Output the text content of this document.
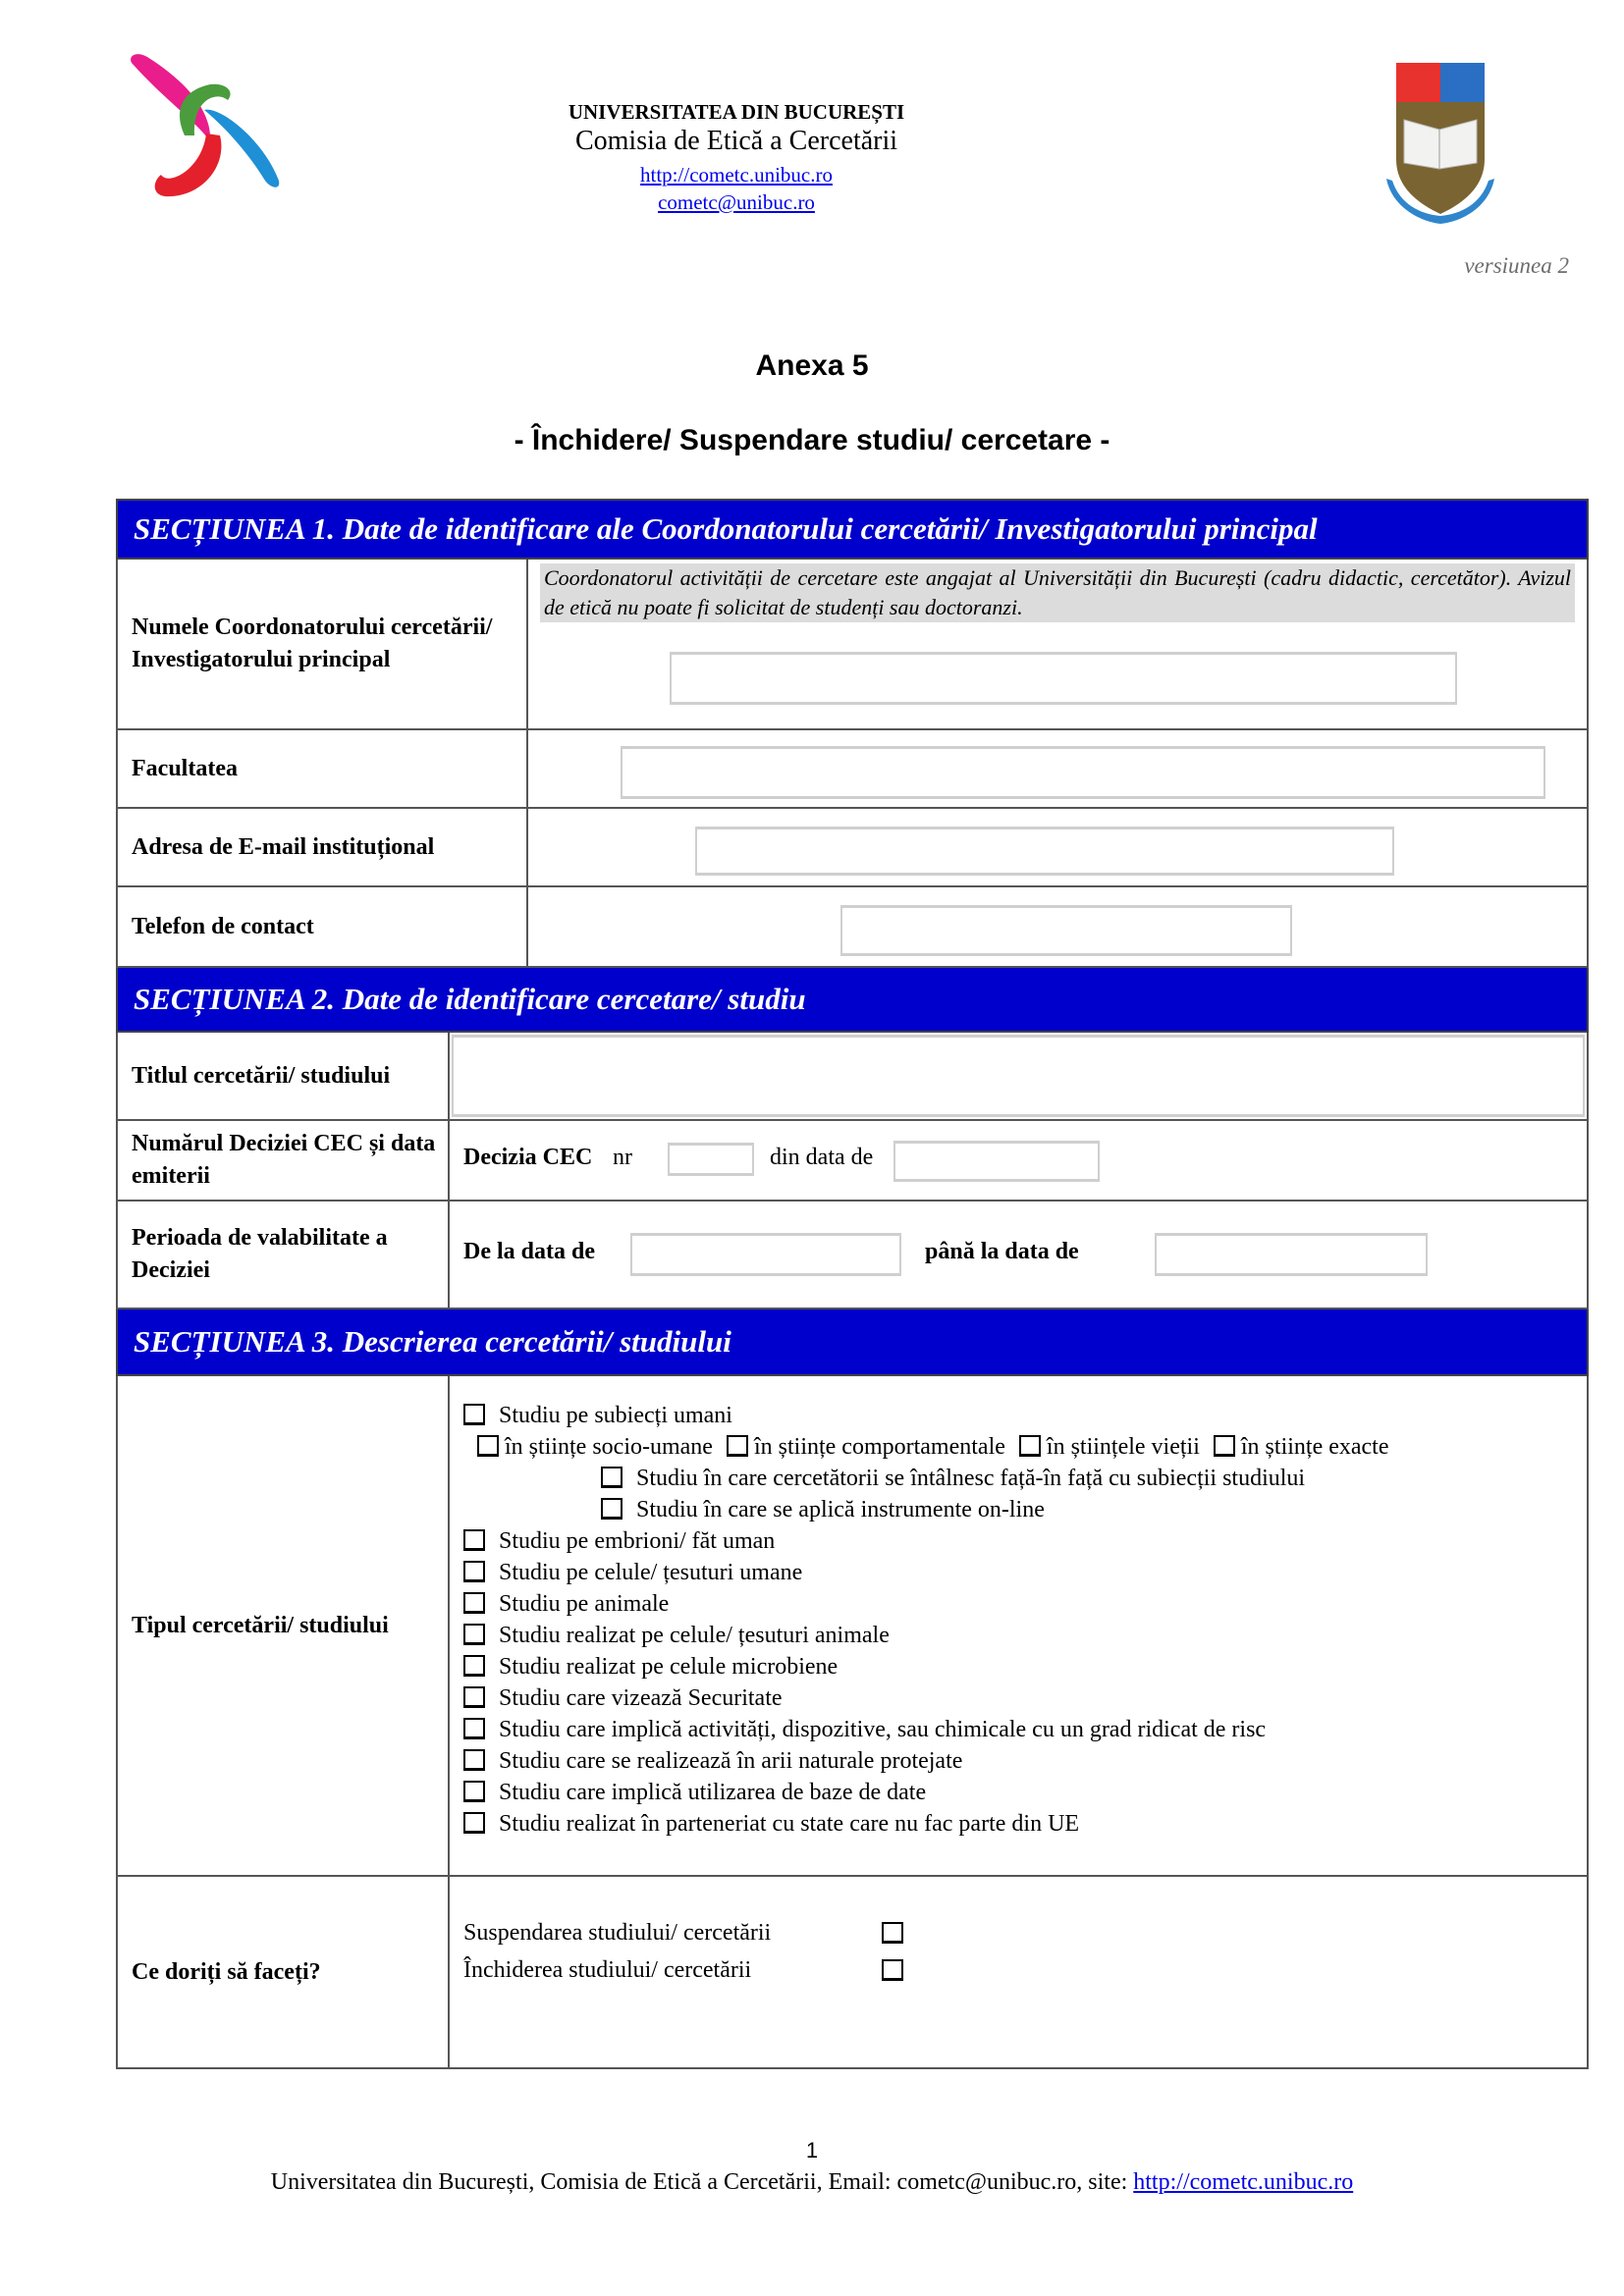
UNIVERSITATEA DIN BUCUREȘTI
Comisia de Etică a Cercetării
http://cometc.unibuc.ro
cometc@unibuc.ro
versiunea 2
Anexa 5
- Închidere/ Suspendare studiu/ cercetare -
SECȚIUNEA 1. Date de identificare ale Coordonatorului cercetării/ Investigatorului principal
Numele Coordonatorului cercetării/ Investigatorului principal
Coordonatorul activității de cercetare este angajat al Universității din București (cadru didactic, cercetător). Avizul de etică nu poate fi solicitat de studenți sau doctoranzi.
Facultatea
Adresa de E-mail instituțional
Telefon de contact
SECȚIUNEA 2. Date de identificare cercetare/ studiu
Titlul cercetării/ studiului
Numărul Deciziei CEC și data emiterii
Decizia CEC nr	din data de
Perioada de valabilitate a Deciziei
De la data de	până la data de
SECȚIUNEA 3. Descrierea cercetării/ studiului
Tipul cercetării/ studiului
Studiu pe subiecți umani
în științe socio-umane în științe comportamentale în științele vieții în științe exacte
Studiu în care cercetătorii se întâlnesc față-în față cu subiecții studiului
Studiu în care se aplică instrumente on-line
Studiu pe embrioni/ făt uman
Studiu pe celule/ țesuturi umane
Studiu pe animale
Studiu realizat pe celule/ țesuturi animale
Studiu realizat pe celule microbiene
Studiu care vizează Securitate
Studiu care implică activități, dispozitive, sau chimicale cu un grad ridicat de risc
Studiu care se realizează în arii naturale protejate
Studiu care implică utilizarea de baze de date
Studiu realizat în parteneriat cu state care nu fac parte din UE
Ce doriți să faceți?
Suspendarea studiului/ cercetării
Închiderea studiului/ cercetării
1
Universitatea din București, Comisia de Etică a Cercetării, Email: cometc@unibuc.ro, site: http://cometc.unibuc.ro
